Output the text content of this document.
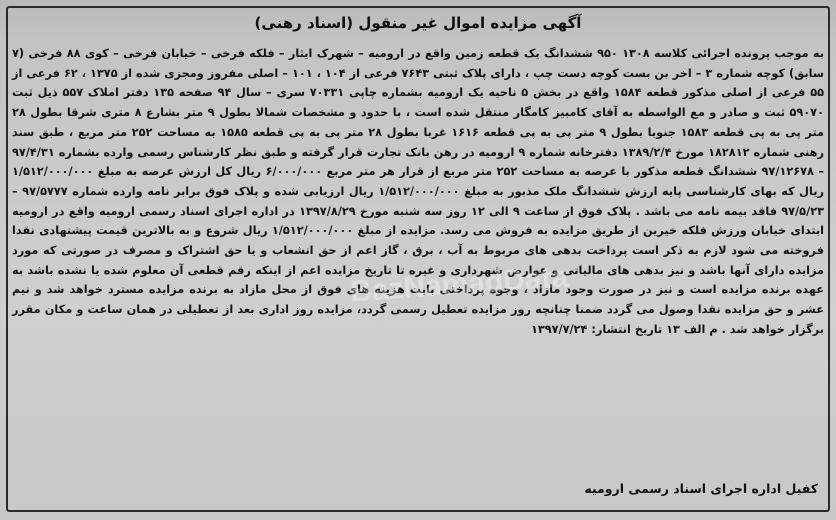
آگهی مزایده اموال غیر منقول (اسناد رهنی)
به موجب پرونده اجرائی کلاسه ۱۳۰۸ ۹۵۰ ششدانگ یک قطعه زمین واقع در ارومیه – شهرک ایثار – فلکه فرخی – خیابان فرخی – کوی ۸۸ فرخی (۷ سابق) کوچه شماره ۳ – اخر بن بست کوچه دست چپ ، دارای پلاک ثبتی ۷۶۴۳ فرعی از ۱۰۴ ، ۱۰۱ – اصلی مفروز ومجزی شده از ۱۳۷۵ ، ۶۲ فرعی از ۵۵ فرعی از اصلی مذکور قطعه ۱۵۸۴ واقع در بخش ۵ ناحیه یک ارومیه بشماره چاپی ۷۰۳۳۱ سری – سال ۹۴ صفحه ۱۳۵ دفتر املاک ۵۵۷ ذیل ثبت ۵۹۰۷۰ ثبت و صادر و مع الواسطه به آقای کامبیز کامگار منتقل شده است ، با حدود و مشخصات شمالا بطول ۹ متر بشارع ۸ متری شرقا بطول ۲۸ متر پی به پی قطعه ۱۵۸۳ جنوبا بطول ۹ متر پی به پی قطعه ۱۶۱۶ غربا بطول ۲۸ متر پی به پی قطعه ۱۵۸۵ به مساحت ۲۵۲ متر مربع ، طبق سند رهنی شماره ۱۸۲۸۱۲ مورخ ۱۳۸۹/۲/۴ دفترخانه شماره ۹ ارومیه در رهن بانک تجارت قرار گرفته و طبق نظر کارشناس رسمی وارده بشماره ۹۷/۴/۳۱ – ۹۷/۱۲۶۷۸ ششدانگ قطعه مذکور با عرصه به مساحت ۲۵۲ متر مربع از قرار هر متر مربع ۶/۰۰۰/۰۰۰ ریال کل ارزش عرصه به مبلغ ۱/۵۱۲/۰۰۰/۰۰۰ ریال که بهای کارشناسی پایه ارزش ششدانگ ملک مذبور به مبلغ ۱/۵۱۲/۰۰۰/۰۰۰ ریال ارزیابی شده و پلاک فوق برابر نامه وارده شماره ۹۷/۵۷۷۷ – ۹۷/۵/۲۳ فاقد بیمه نامه می باشد . پلاک فوق از ساعت ۹ الی ۱۲ روز سه شنبه مورخ ۱۳۹۷/۸/۲۹ در اداره اجرای اسناد رسمی ارومیه واقع در ارومیه ابتدای خیابان ورزش فلکه خیرین از طریق مزایده به فروش می رسد. مزایده از مبلغ ۱/۵۱۲/۰۰۰/۰۰۰ ریال شروع و به بالاترین قیمت پیشنهادی نقدا فروخته می شود لازم به ذکر است پرداخت بدهی های مربوط به آب ، برق ، گاز اعم از حق انشعاب و یا حق اشتراک و مصرف در صورتی که مورد مزایده دارای آنها باشد و نیز بدهی های مالیاتی و عوارض شهرداری و غیره تا تاریخ مزایده اعم از اینکه رقم قطعی آن معلوم شده یا نشده باشد به عهده برنده مزایده است و نیز در صورت وجود مازاد ، وجوه پرداختی بابت هزینه های فوق از محل مازاد به برنده مزایده مسترد خواهد شد و نیم عشر و حق مزایده نقدا وصول می گردد ضمنا چنانچه روز مزایده تعطیل رسمی گردد، مزایده روز اداری بعد از تعطیلی در همان ساعت و مکان مقرر برگزار خواهد شد . م الف ۱۳ تاریخ انتشار: ۱۳۹۷/۷/۲۴
BazNamadData
کفیل اداره اجرای اسناد رسمی ارومیه
